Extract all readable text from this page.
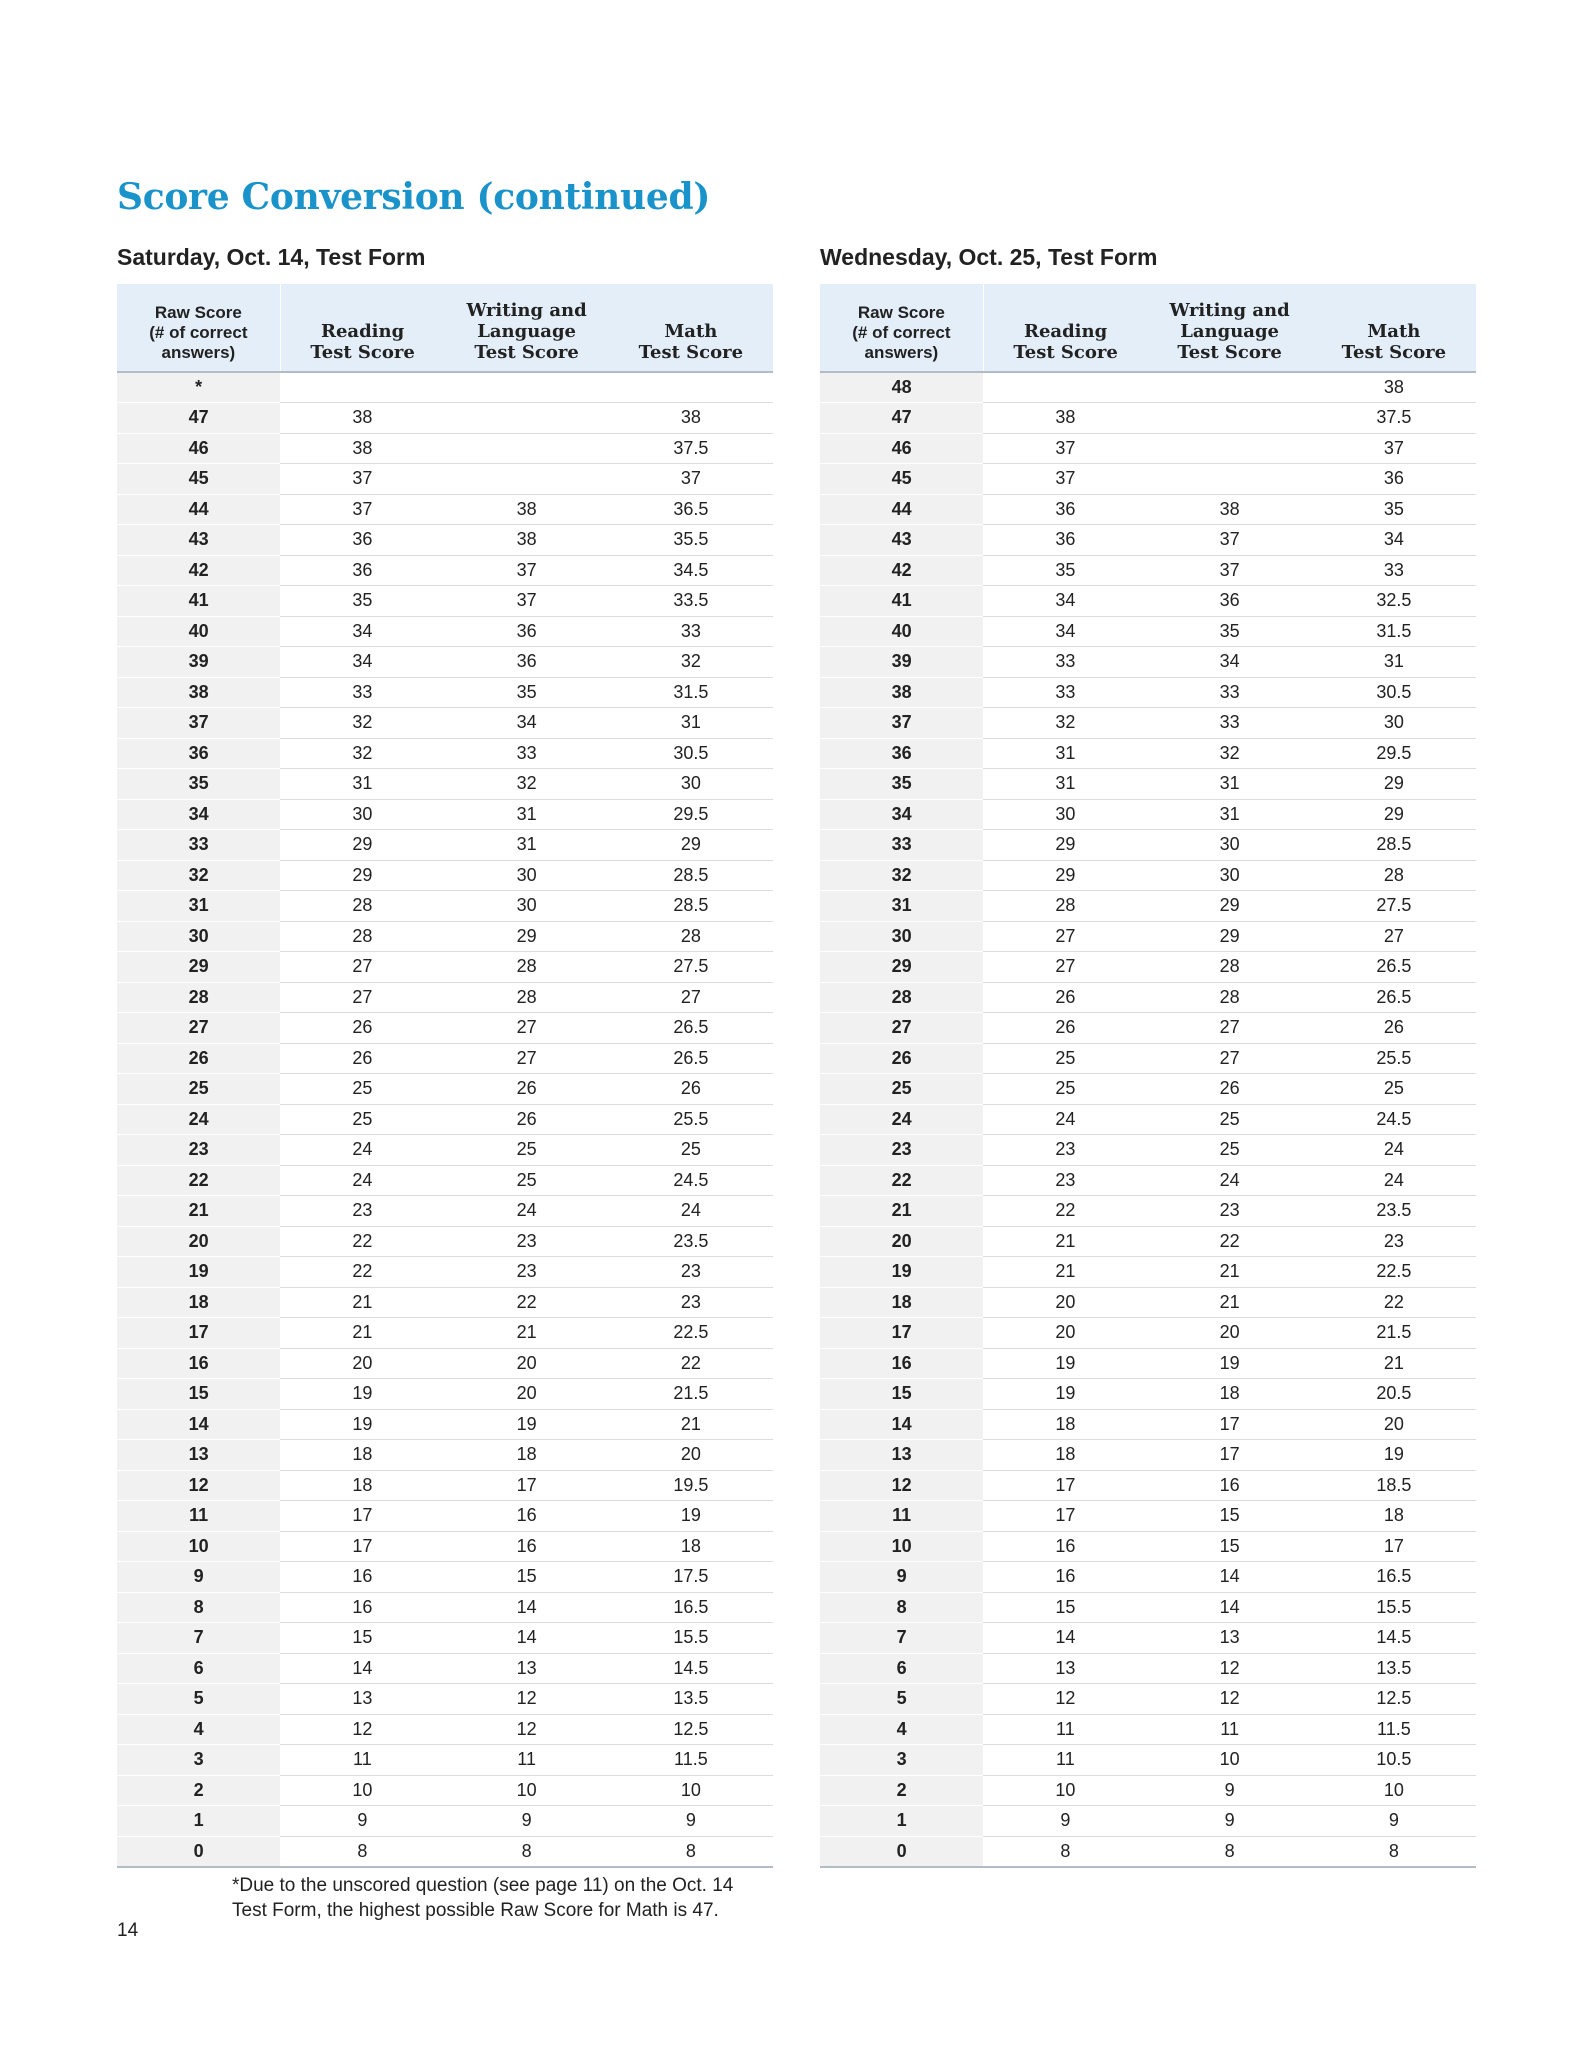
Score Conversion (continued)
Saturday, Oct. 14, Test Form
Raw Score
(# of correct
answers)	Reading
Test Score	Writing and
Language
Test Score	Math
Test Score

*			
47	38		38
46	38		37.5
45	37		37
44	37	38	36.5
43	36	38	35.5
42	36	37	34.5
41	35	37	33.5
40	34	36	33
39	34	36	32
38	33	35	31.5
37	32	34	31
36	32	33	30.5
35	31	32	30
34	30	31	29.5
33	29	31	29
32	29	30	28.5
31	28	30	28.5
30	28	29	28
29	27	28	27.5
28	27	28	27
27	26	27	26.5
26	26	27	26.5
25	25	26	26
24	25	26	25.5
23	24	25	25
22	24	25	24.5
21	23	24	24
20	22	23	23.5
19	22	23	23
18	21	22	23
17	21	21	22.5
16	20	20	22
15	19	20	21.5
14	19	19	21
13	18	18	20
12	18	17	19.5
11	17	16	19
10	17	16	18
9	16	15	17.5
8	16	14	16.5
7	15	14	15.5
6	14	13	14.5
5	13	12	13.5
4	12	12	12.5
3	11	11	11.5
2	10	10	10
1	9	9	9
0	8	8	8
Wednesday, Oct. 25, Test Form
Raw Score
(# of correct
answers)	Reading
Test Score	Writing and
Language
Test Score	Math
Test Score

48			38
47	38		37.5
46	37		37
45	37		36
44	36	38	35
43	36	37	34
42	35	37	33
41	34	36	32.5
40	34	35	31.5
39	33	34	31
38	33	33	30.5
37	32	33	30
36	31	32	29.5
35	31	31	29
34	30	31	29
33	29	30	28.5
32	29	30	28
31	28	29	27.5
30	27	29	27
29	27	28	26.5
28	26	28	26.5
27	26	27	26
26	25	27	25.5
25	25	26	25
24	24	25	24.5
23	23	25	24
22	23	24	24
21	22	23	23.5
20	21	22	23
19	21	21	22.5
18	20	21	22
17	20	20	21.5
16	19	19	21
15	19	18	20.5
14	18	17	20
13	18	17	19
12	17	16	18.5
11	17	15	18
10	16	15	17
9	16	14	16.5
8	15	14	15.5
7	14	13	14.5
6	13	12	13.5
5	12	12	12.5
4	11	11	11.5
3	11	10	10.5
2	10	9	10
1	9	9	9
0	8	8	8

*Due to the unscored question (see page 11) on the Oct. 14
Test Form, the highest possible Raw Score for Math is 47.

14
